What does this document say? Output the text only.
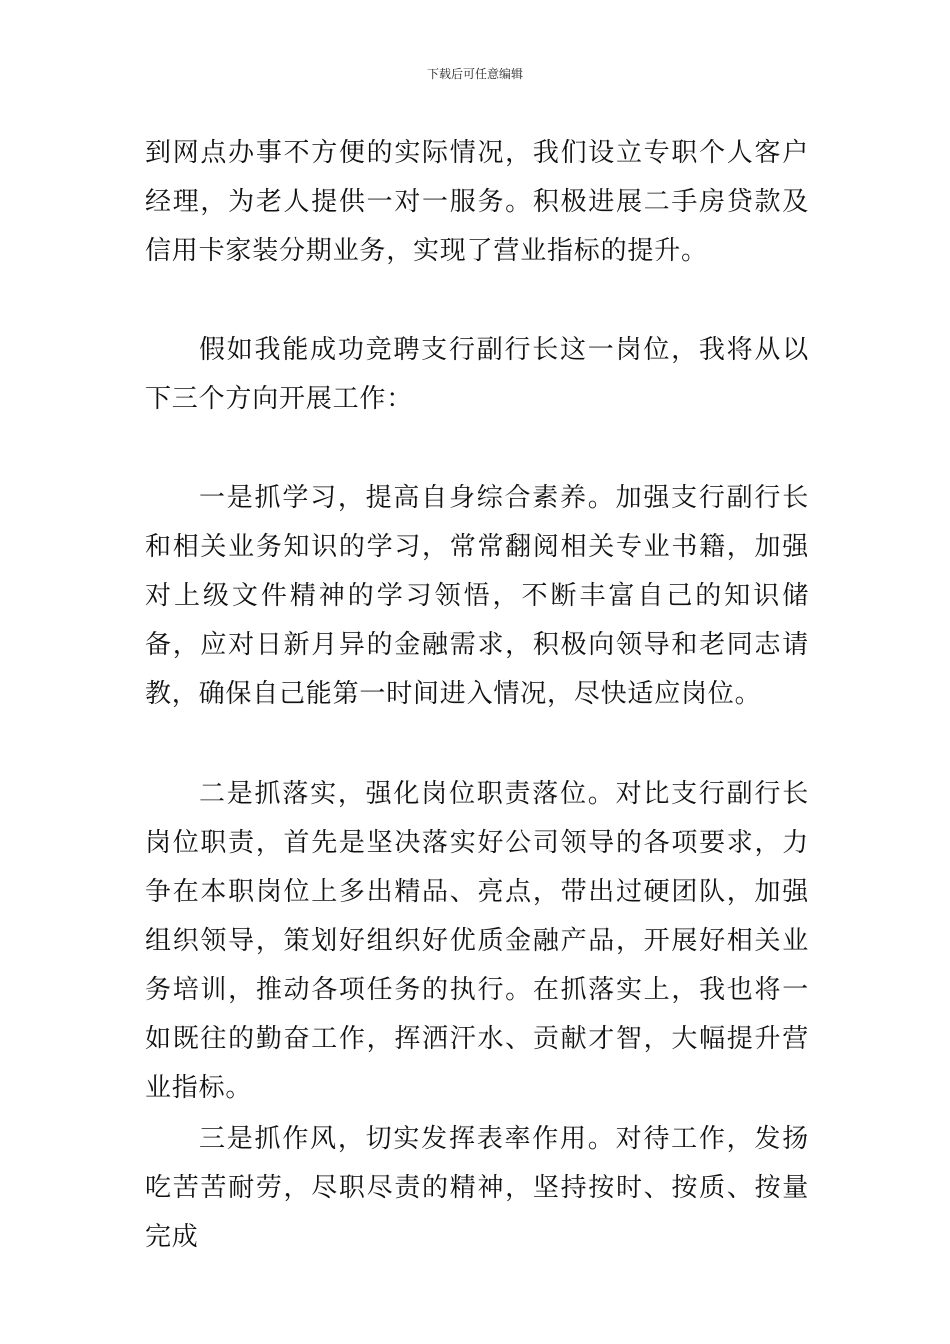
下载后可任意编辑

到网点办事不方便的实际情况，我们设立专职个人客户经理，为老人提供一对一服务。积极进展二手房贷款及信用卡家装分期业务，实现了营业指标的提升。

假如我能成功竞聘支行副行长这一岗位，我将从以下三个方向开展工作：

一是抓学习，提高自身综合素养。加强支行副行长和相关业务知识的学习，常常翻阅相关专业书籍，加强对上级文件精神的学习领悟，不断丰富自己的知识储备，应对日新月异的金融需求，积极向领导和老同志请教，确保自己能第一时间进入情况，尽快适应岗位。

二是抓落实，强化岗位职责落位。对比支行副行长岗位职责，首先是坚决落实好公司领导的各项要求，力争在本职岗位上多出精品、亮点，带出过硬团队，加强组织领导，策划好组织好优质金融产品，开展好相关业务培训，推动各项任务的执行。在抓落实上，我也将一如既往的勤奋工作，挥洒汗水、贡献才智，大幅提升营业指标。

三是抓作风，切实发挥表率作用。对待工作，发扬吃苦苦耐劳，尽职尽责的精神，坚持按时、按质、按量完成
